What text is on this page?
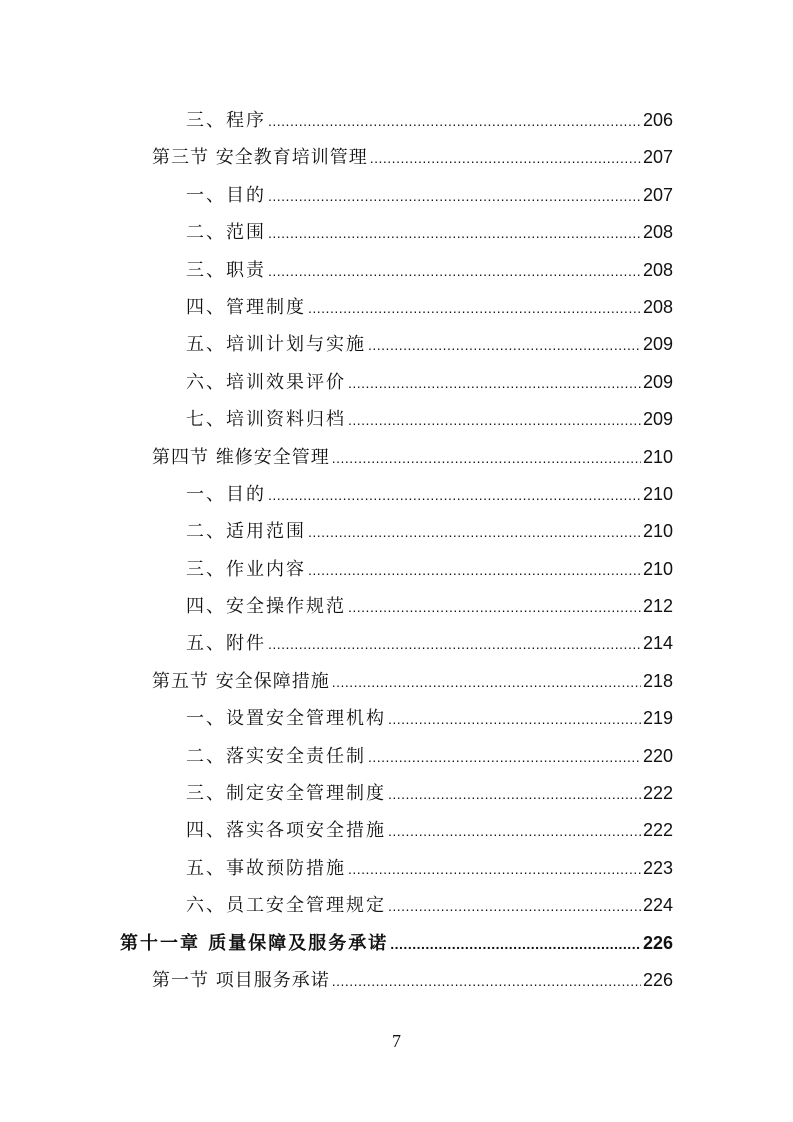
三、程序 .....	206
第三节 安全教育培训管理 .....	207
一、目的 .....	207
二、范围 .....	208
三、职责 .....	208
四、管理制度 .....	208
五、培训计划与实施 .....	209
六、培训效果评价 .....	209
七、培训资料归档 .....	209
第四节 维修安全管理 .....	210
一、目的 .....	210
二、适用范围 .....	210
三、作业内容 .....	210
四、安全操作规范 .....	212
五、附件 .....	214
第五节 安全保障措施 .....	218
一、设置安全管理机构 .....	219
二、落实安全责任制 .....	220
三、制定安全管理制度 .....	222
四、落实各项安全措施 .....	222
五、事故预防措施 .....	223
六、员工安全管理规定 .....	224
第十一章 质量保障及服务承诺 .....	226
第一节 项目服务承诺 .....	226
7
